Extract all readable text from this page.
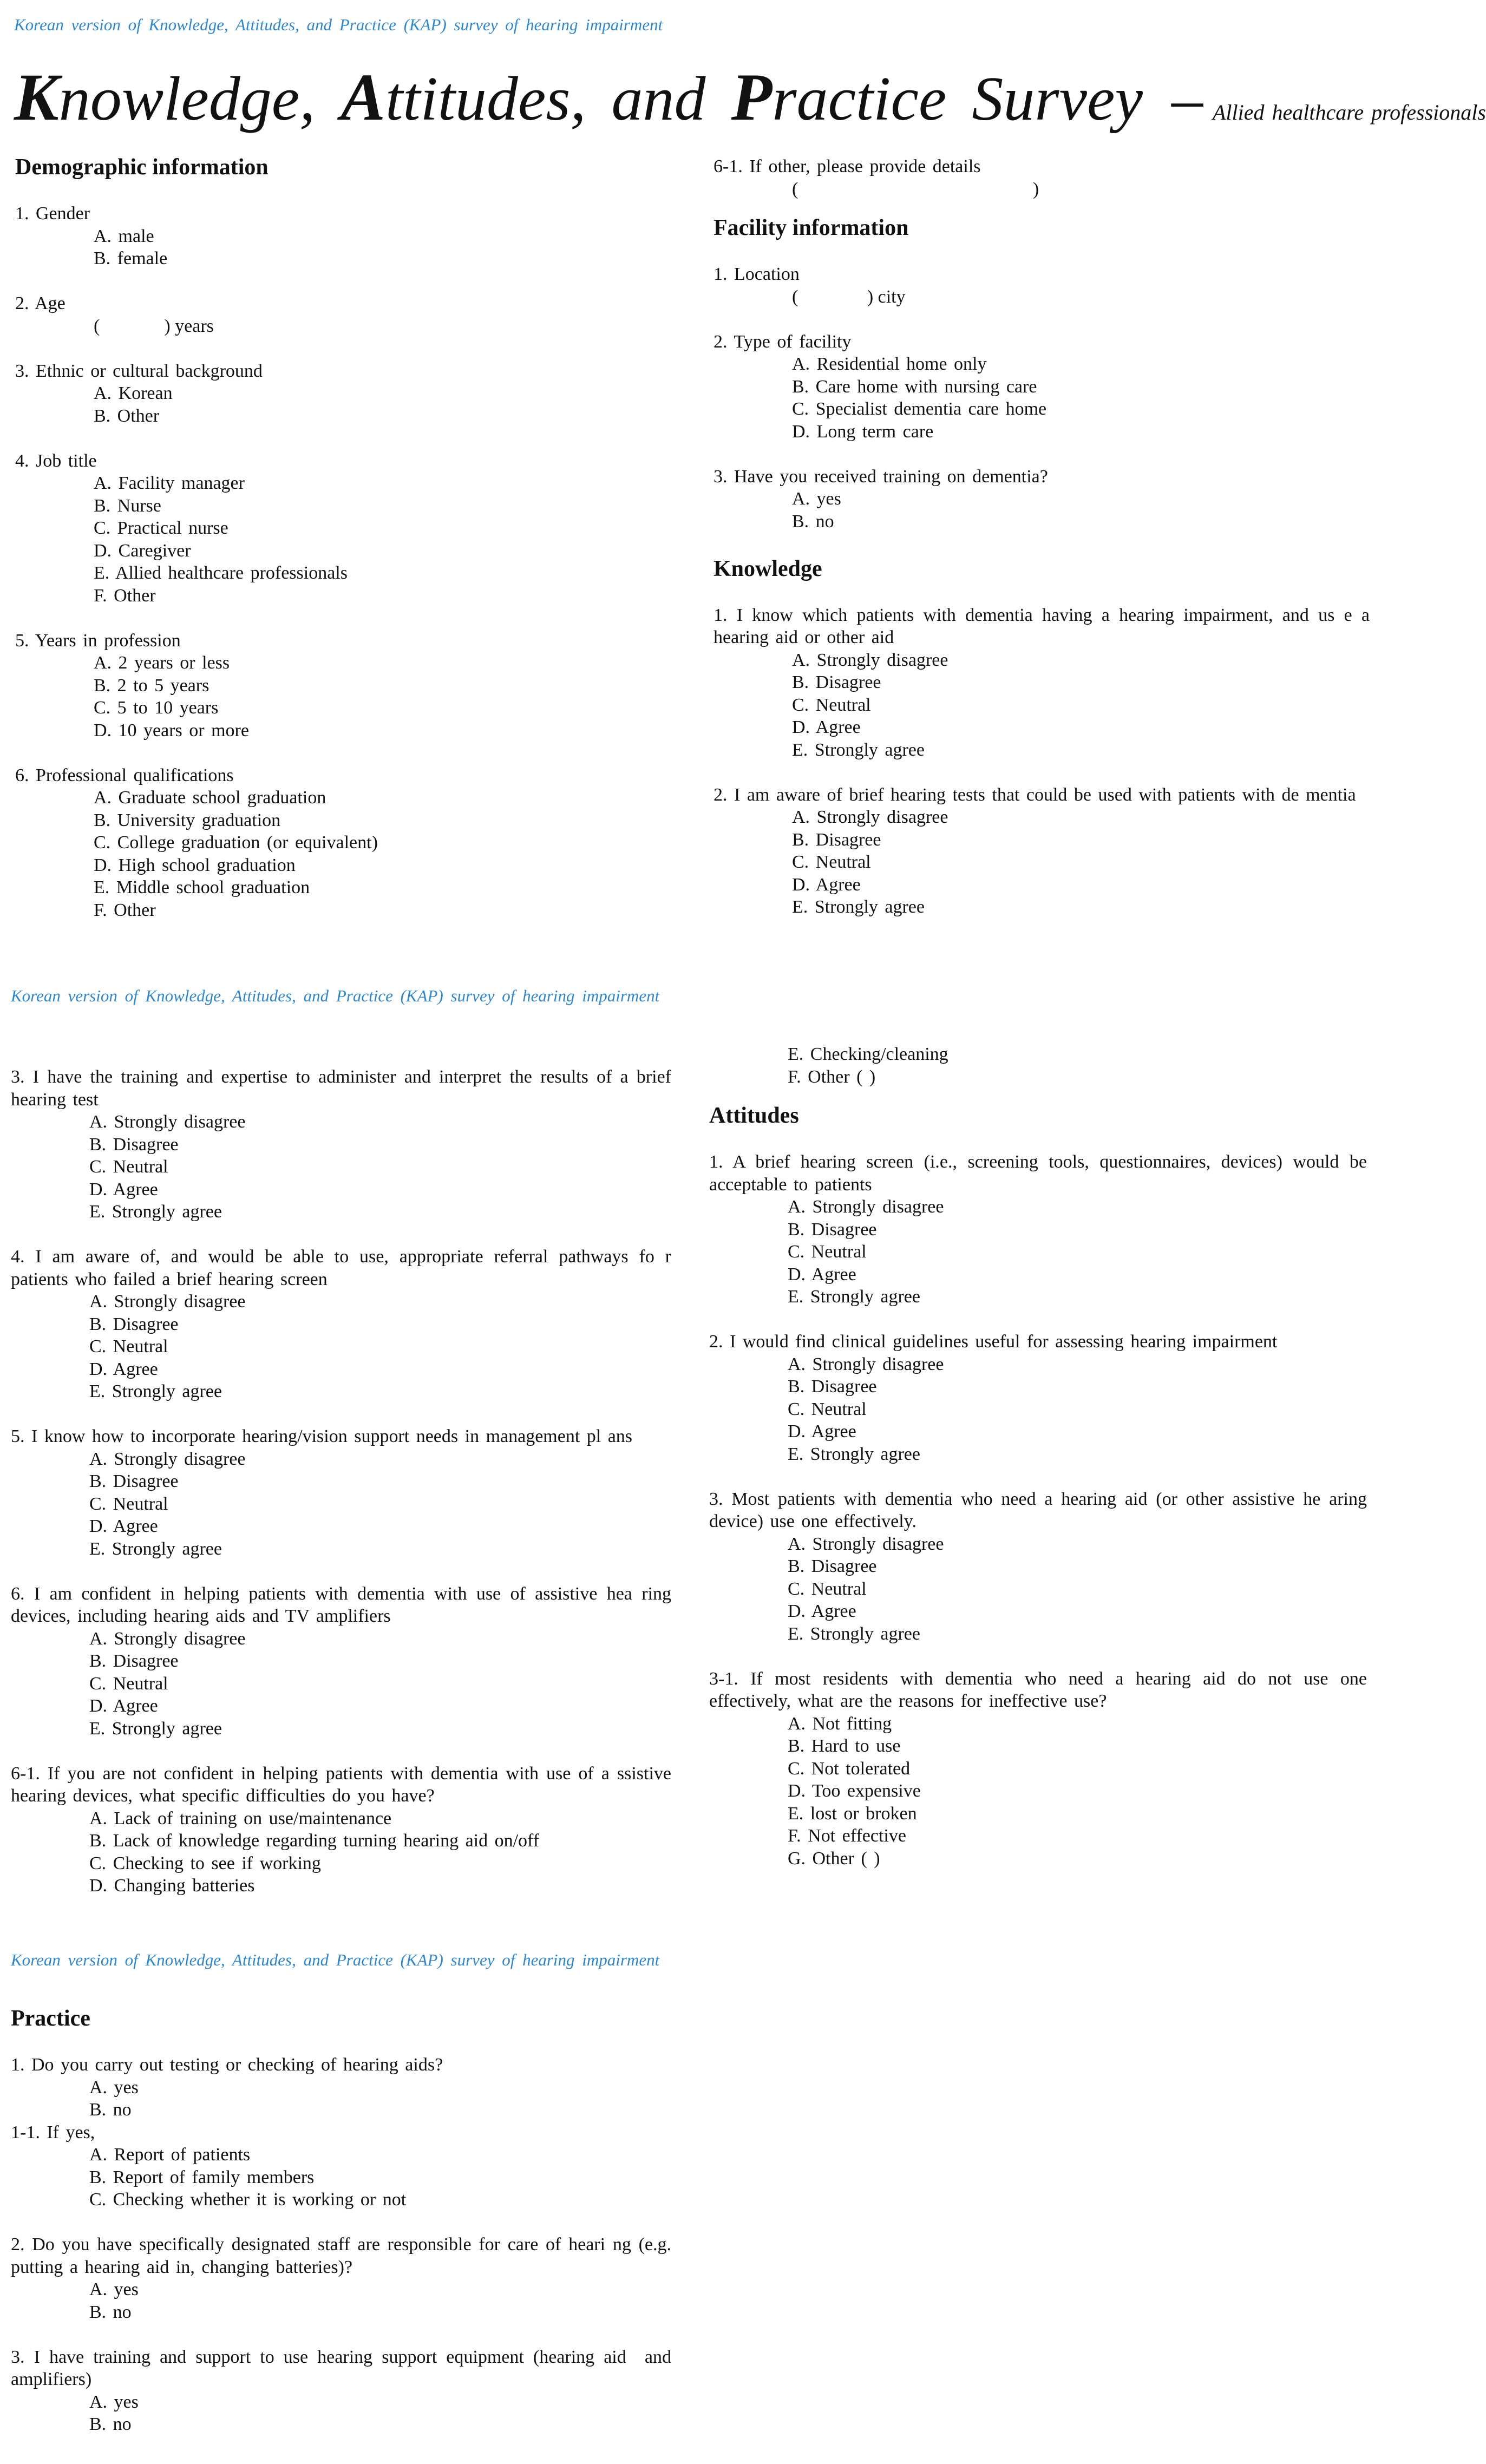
Korean version of Knowledge, Attitudes, and Practice (KAP) survey of hearing impairment
Knowledge, Attitudes, and Practice Survey – Allied healthcare professionals
Demographic information
1. Gender
A. male
B. female
2. Age
(              ) years
3. Ethnic or cultural background
A. Korean
B. Other
4. Job title
A. Facility manager
B. Nurse
C. Practical nurse
D. Caregiver
E. Allied healthcare professionals
F. Other
5. Years in profession
A. 2 years or less
B. 2 to 5 years
C. 5 to 10 years
D. 10 years or more
6. Professional qualifications
A. Graduate school graduation
B. University graduation
C. College graduation (or equivalent)
D. High school graduation
E. Middle school graduation
F. Other
6-1. If other, please provide details
(                                                   )
Facility information
1. Location
(               ) city
2. Type of facility
A. Residential home only
B. Care home with nursing care
C. Specialist dementia care home
D. Long term care
3. Have you received training on dementia?
A. yes
B. no
Knowledge
1. I know which patients with dementia having a hearing impairment, and us e a hearing aid or other aid
A. Strongly disagree
B. Disagree
C. Neutral
D. Agree
E. Strongly agree
2. I am aware of brief hearing tests that could be used with patients with de mentia
A. Strongly disagree
B. Disagree
C. Neutral
D. Agree
E. Strongly agree
Korean version of Knowledge, Attitudes, and Practice (KAP) survey of hearing impairment
3. I have the training and expertise to administer and interpret the results of a brief hearing test
A. Strongly disagree
B. Disagree
C. Neutral
D. Agree
E. Strongly agree
4. I am aware of, and would be able to use, appropriate referral pathways fo r patients who failed a brief hearing screen
A. Strongly disagree
B. Disagree
C. Neutral
D. Agree
E. Strongly agree
5. I know how to incorporate hearing/vision support needs in management pl ans
A. Strongly disagree
B. Disagree
C. Neutral
D. Agree
E. Strongly agree
6. I am confident in helping patients with dementia with use of assistive hea ring devices, including hearing aids and TV amplifiers
A. Strongly disagree
B. Disagree
C. Neutral
D. Agree
E. Strongly agree
6-1. If you are not confident in helping patients with dementia with use of a ssistive hearing devices, what specific difficulties do you have?
A. Lack of training on use/maintenance
B. Lack of knowledge regarding turning hearing aid on/off
C. Checking to see if working
D. Changing batteries
E. Checking/cleaning
F. Other ( )
Attitudes
1. A brief hearing screen (i.e., screening tools, questionnaires, devices) would be acceptable to patients
A. Strongly disagree
B. Disagree
C. Neutral
D. Agree
E. Strongly agree
2. I would find clinical guidelines useful for assessing hearing impairment
A. Strongly disagree
B. Disagree
C. Neutral
D. Agree
E. Strongly agree
3. Most patients with dementia who need a hearing aid (or other assistive he aring device) use one effectively.
A. Strongly disagree
B. Disagree
C. Neutral
D. Agree
E. Strongly agree
3-1. If most residents with dementia who need a hearing aid do not use one effectively, what are the reasons for ineffective use?
A. Not fitting
B. Hard to use
C. Not tolerated
D. Too expensive
E. lost or broken
F. Not effective
G. Other ( )
Korean version of Knowledge, Attitudes, and Practice (KAP) survey of hearing impairment
Practice
1. Do you carry out testing or checking of hearing aids?
A. yes
B. no
1-1. If yes,
A. Report of patients
B. Report of family members
C. Checking whether it is working or not
2. Do you have specifically designated staff are responsible for care of heari ng (e.g. putting a hearing aid in, changing batteries)?
A. yes
B. no
3. I have training and support to use hearing support equipment (hearing aid  and amplifiers)
A. yes
B. no
